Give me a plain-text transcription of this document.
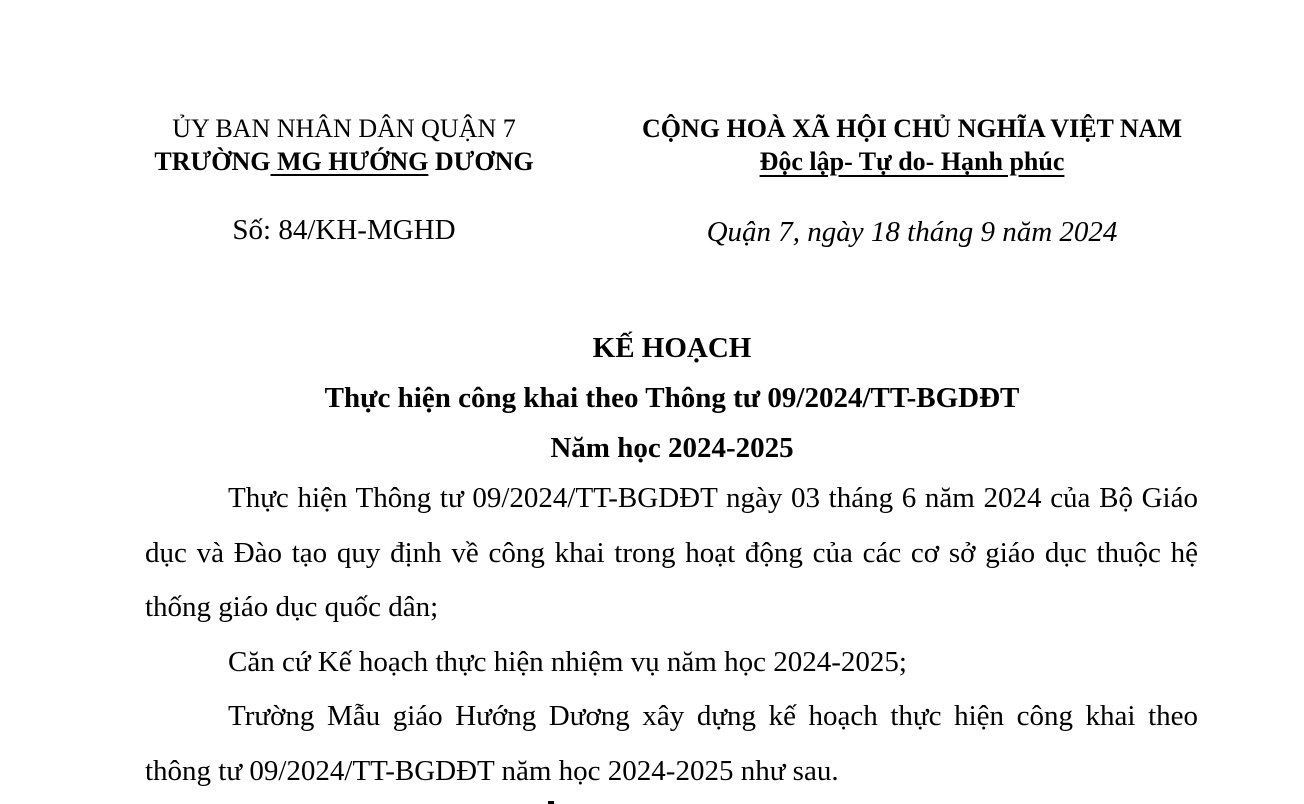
ỦY BAN NHÂN DÂN QUẬN 7
TRƯỜNG MG HƯỚNG DƯƠNG
Số: 84/KH-MGHD
CỘNG HOÀ XÃ HỘI CHỦ NGHĨA VIỆT NAM
Độc lập- Tự do- Hạnh phúc
Quận 7, ngày 18 tháng 9 năm 2024
KẾ HOẠCH
Thực hiện công khai theo Thông tư 09/2024/TT-BGDĐT
Năm học 2024-2025

Thực hiện Thông tư 09/2024/TT-BGDĐT ngày 03 tháng 6 năm 2024 của Bộ Giáo dục và Đào tạo quy định về công khai trong hoạt động của các cơ sở giáo dục thuộc hệ thống giáo dục quốc dân;

Căn cứ Kế hoạch thực hiện nhiệm vụ năm học 2024-2025;

Trường Mẫu giáo Hướng Dương xây dựng kế hoạch thực hiện công khai theo thông tư 09/2024/TT-BGDĐT năm học 2024-2025 như sau.
